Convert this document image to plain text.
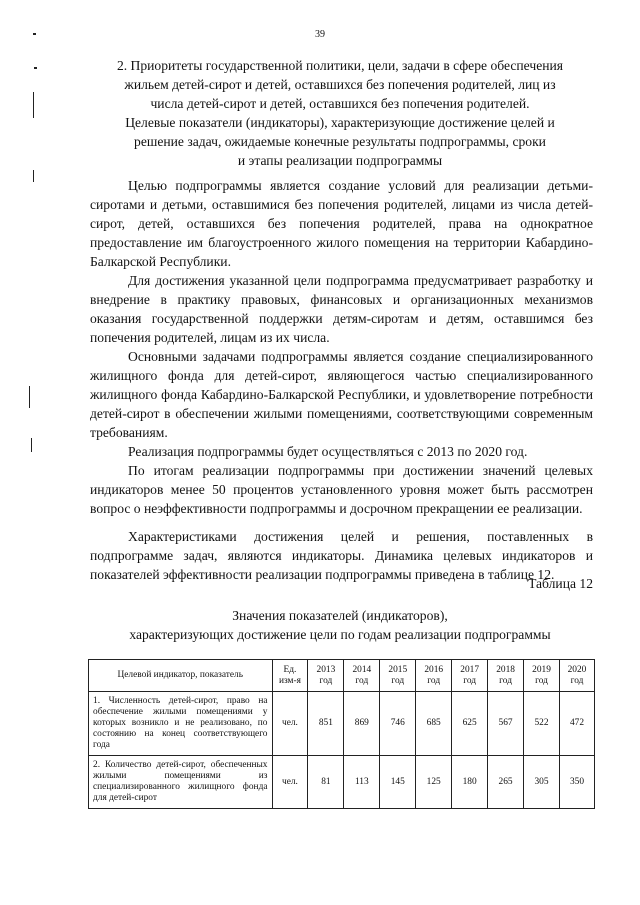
39
2. Приоритеты государственной политики, цели, задачи в сфере обеспечения
жильем детей-сирот и детей, оставшихся без попечения родителей, лиц из
числа детей-сирот и детей, оставшихся без попечения родителей.
Целевые показатели (индикаторы), характеризующие достижение целей и
решение задач, ожидаемые конечные результаты подпрограммы, сроки
и этапы реализации подпрограммы

Целью подпрограммы является создание условий для реализации детьми-сиротами и детьми, оставшимися без попечения родителей, лицами из числа детей-сирот, детей, оставшихся без попечения родителей, права на однократное предоставление им благоустроенного жилого помещения на территории Кабардино-Балкарской Республики.

Для достижения указанной цели подпрограмма предусматривает разработку и внедрение в практику правовых, финансовых и организационных механизмов оказания государственной поддержки детям-сиротам и детям, оставшимся без попечения родителей, лицам из их числа.

Основными задачами подпрограммы является создание специализированного жилищного фонда для детей-сирот, являющегося частью специализированного жилищного фонда Кабардино-Балкарской Республики, и удовлетворение потребности детей-сирот в обеспечении жилыми помещениями, соответствующими современным требованиям.

Реализация подпрограммы будет осуществляться с 2013 по 2020 год.

По итогам реализации подпрограммы при достижении значений целевых индикаторов менее 50 процентов установленного уровня может быть рассмотрен вопрос о неэффективности подпрограммы и досрочном прекращении ее реализации.

Характеристиками достижения целей и решения, поставленных в подпрограмме задач, являются индикаторы. Динамика целевых индикаторов и показателей эффективности реализации подпрограммы приведена в таблице 12.

Таблица 12
Значения показателей (индикаторов),
характеризующих достижение цели по годам реализации подпрограммы
Целевой индикатор, показатель	Ед. изм-я	2013 год	2014 год	2015 год	2016 год	2017 год	2018 год	2019 год	2020 год
1. Численность детей-сирот, право на обеспечение жилыми помещениями у которых возникло и не реализовано, по состоянию на конец соответствующего года	чел.	851	869	746	685	625	567	522	472
2. Количество детей-сирот, обеспеченных жилыми помещениями из специализированного жилищного фонда для детей-сирот	чел.	81	113	145	125	180	265	305	350
